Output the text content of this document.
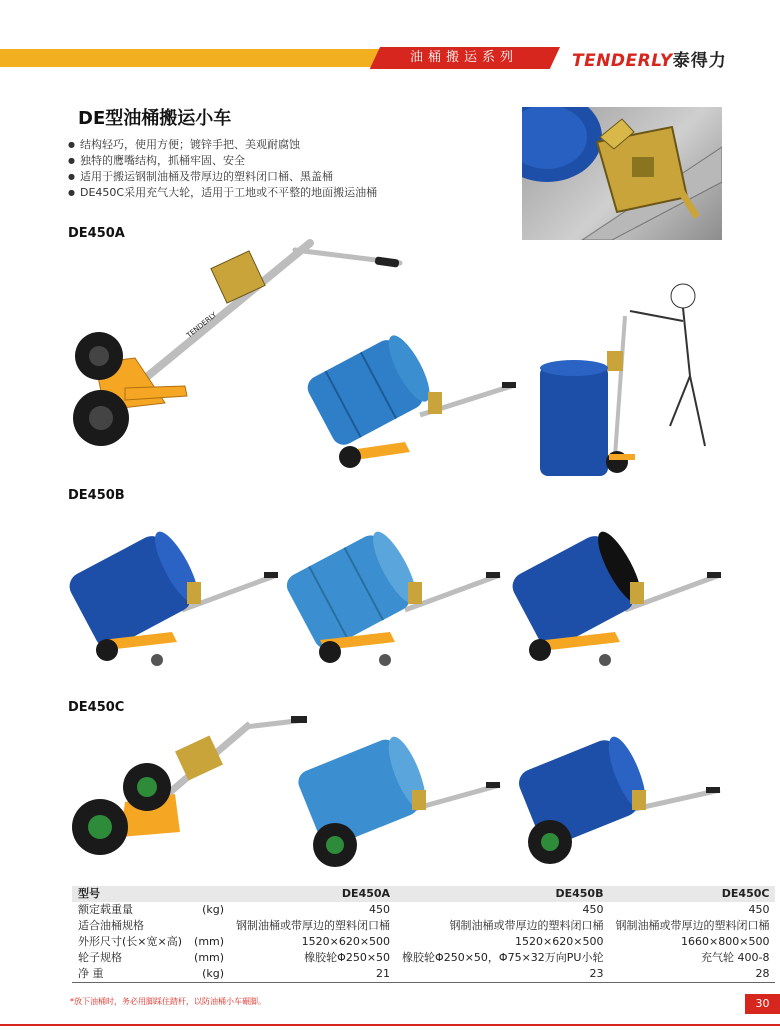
油桶搬运系列	TENDERLY泰得力
DE型油桶搬运小车
● 结构轻巧，使用方便；镀锌手把、美观耐腐蚀
● 独特的鹰嘴结构，抓桶牢固、安全
● 适用于搬运钢制油桶及带厚边的塑料闭口桶、黑盖桶
● DE450C采用充气大轮，适用于工地或不平整的地面搬运油桶
DE450A
DE450B
DE450C
TENDERLY
型号		DE450A	DE450B	DE450C
额定载重量	(kg)	450	450	450
适合油桶规格		钢制油桶或带厚边的塑料闭口桶	钢制油桶或带厚边的塑料闭口桶	钢制油桶或带厚边的塑料闭口桶
外形尺寸(长×宽×高)	(mm)	1520×620×500	1520×620×500	1660×800×500
轮子规格	(mm)	橡胶轮Φ250×50	橡胶轮Φ250×50，Φ75×32万向PU小轮	充气轮 400-8
净 重	(kg)	21	23	28
*放下油桶时，务必用脚踩住踏杆，以防油桶小车碾脚。	30
